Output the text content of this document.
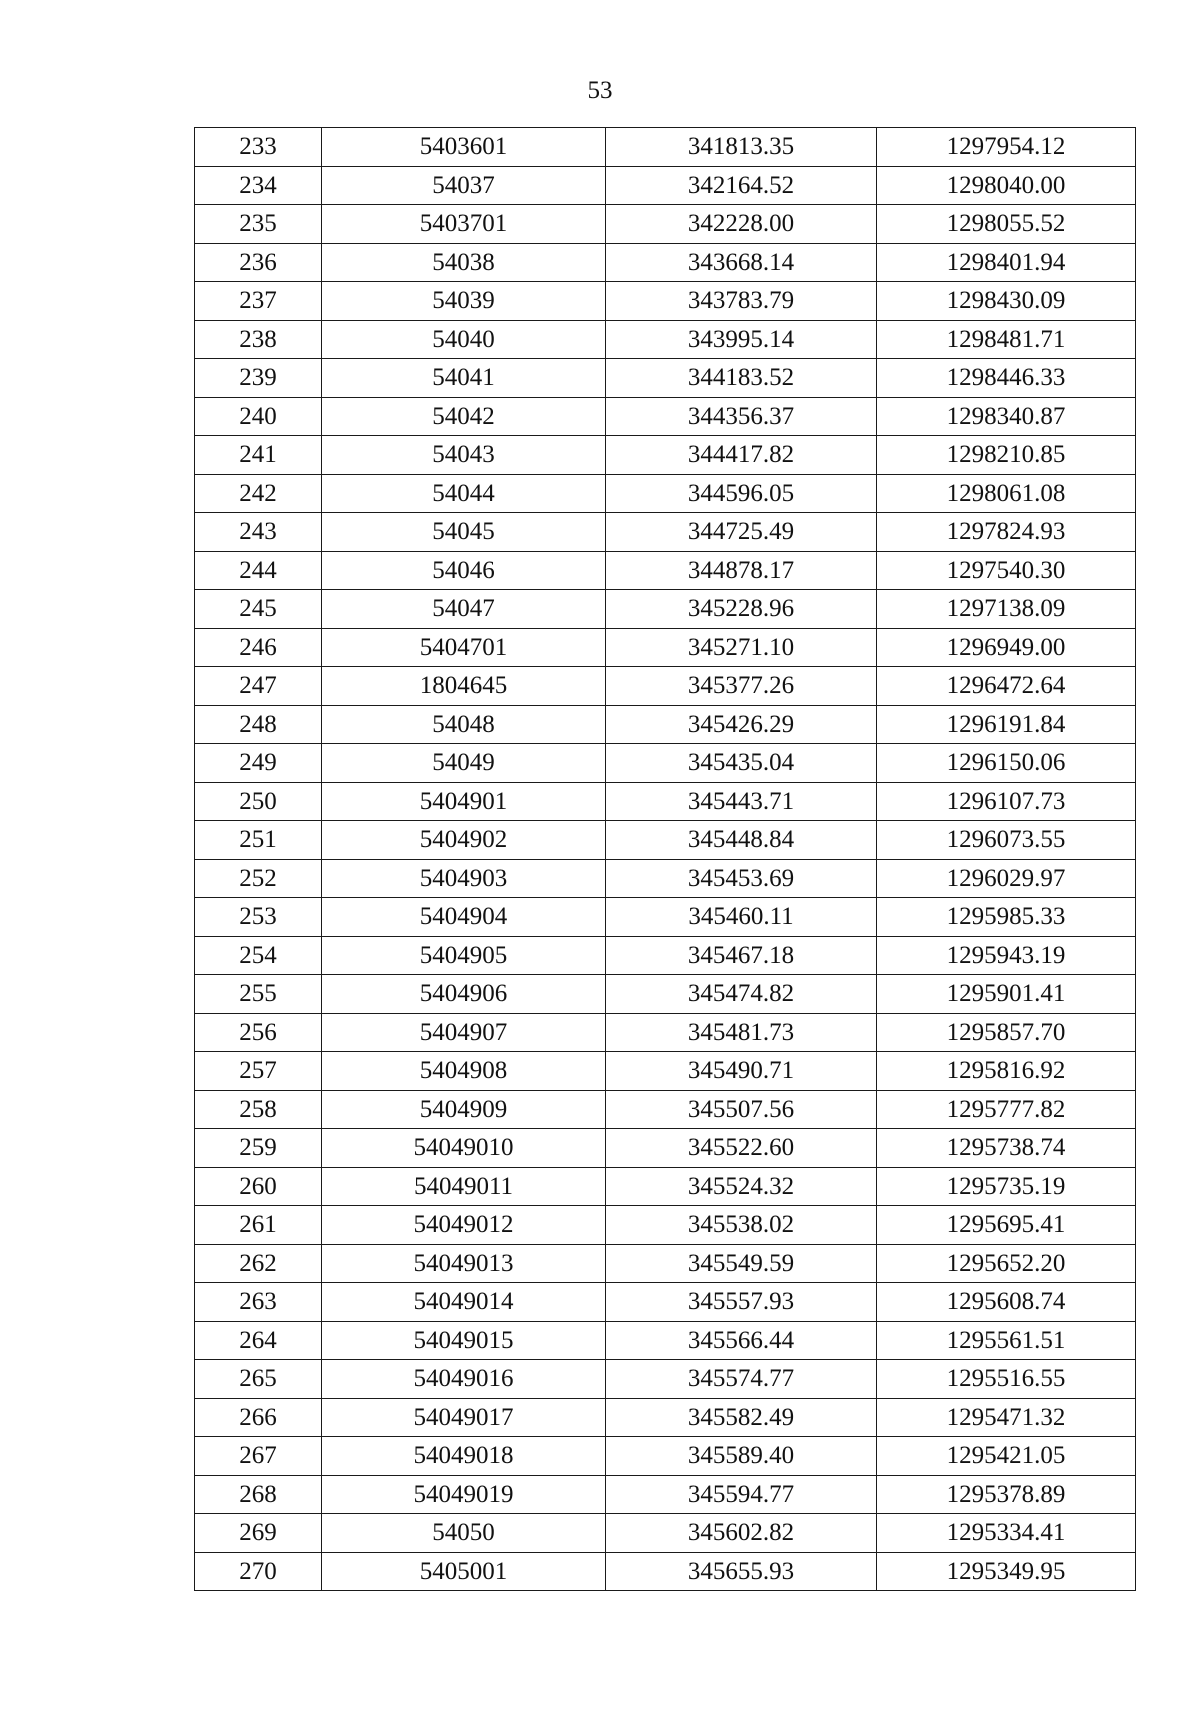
53
233	5403601	341813.35	1297954.12
234	54037	342164.52	1298040.00
235	5403701	342228.00	1298055.52
236	54038	343668.14	1298401.94
237	54039	343783.79	1298430.09
238	54040	343995.14	1298481.71
239	54041	344183.52	1298446.33
240	54042	344356.37	1298340.87
241	54043	344417.82	1298210.85
242	54044	344596.05	1298061.08
243	54045	344725.49	1297824.93
244	54046	344878.17	1297540.30
245	54047	345228.96	1297138.09
246	5404701	345271.10	1296949.00
247	1804645	345377.26	1296472.64
248	54048	345426.29	1296191.84
249	54049	345435.04	1296150.06
250	5404901	345443.71	1296107.73
251	5404902	345448.84	1296073.55
252	5404903	345453.69	1296029.97
253	5404904	345460.11	1295985.33
254	5404905	345467.18	1295943.19
255	5404906	345474.82	1295901.41
256	5404907	345481.73	1295857.70
257	5404908	345490.71	1295816.92
258	5404909	345507.56	1295777.82
259	54049010	345522.60	1295738.74
260	54049011	345524.32	1295735.19
261	54049012	345538.02	1295695.41
262	54049013	345549.59	1295652.20
263	54049014	345557.93	1295608.74
264	54049015	345566.44	1295561.51
265	54049016	345574.77	1295516.55
266	54049017	345582.49	1295471.32
267	54049018	345589.40	1295421.05
268	54049019	345594.77	1295378.89
269	54050	345602.82	1295334.41
270	5405001	345655.93	1295349.95
